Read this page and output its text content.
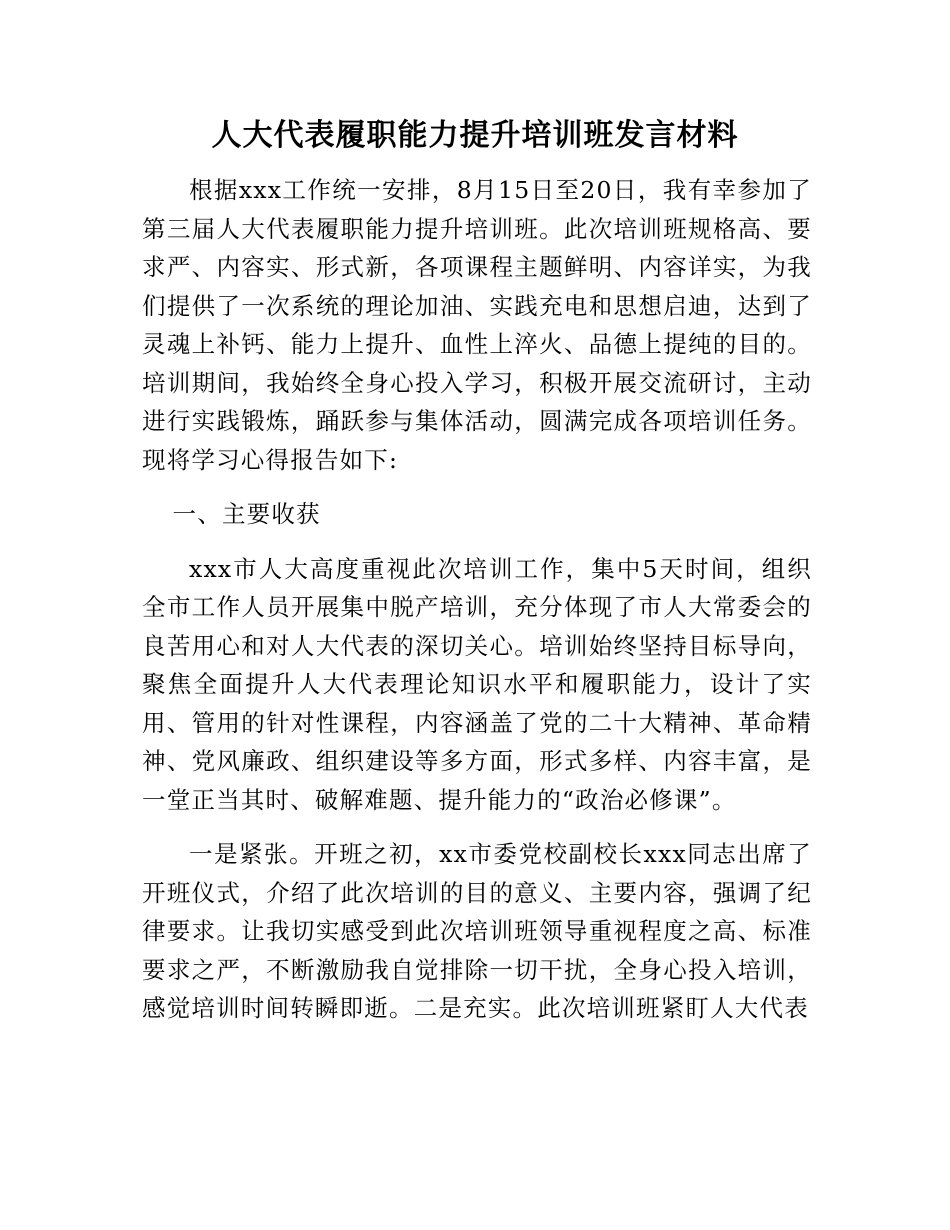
人大代表履职能力提升培训班发言材料

根据xxx工作统一安排，8月15日至20日，我有幸参加了第三届人大代表履职能力提升培训班。此次培训班规格高、要求严、内容实、形式新，各项课程主题鲜明、内容详实，为我们提供了一次系统的理论加油、实践充电和思想启迪，达到了灵魂上补钙、能力上提升、血性上淬火、品德上提纯的目的。培训期间，我始终全身心投入学习，积极开展交流研讨，主动进行实践锻炼，踊跃参与集体活动，圆满完成各项培训任务。现将学习心得报告如下:

一、主要收获

xxx市人大高度重视此次培训工作，集中5天时间，组织全市工作人员开展集中脱产培训，充分体现了市人大常委会的良苦用心和对人大代表的深切关心。培训始终坚持目标导向，聚焦全面提升人大代表理论知识水平和履职能力，设计了实用、管用的针对性课程，内容涵盖了党的二十大精神、革命精神、党风廉政、组织建设等多方面，形式多样、内容丰富，是一堂正当其时、破解难题、提升能力的“政治必修课”。

一是紧张。开班之初，xx市委党校副校长xxx同志出席了开班仪式，介绍了此次培训的目的意义、主要内容，强调了纪律要求。让我切实感受到此次培训班领导重视程度之高、标准要求之严，不断激励我自觉排除一切干扰，全身心投入培训，感觉培训时间转瞬即逝。二是充实。此次培训班紧盯人大代表
